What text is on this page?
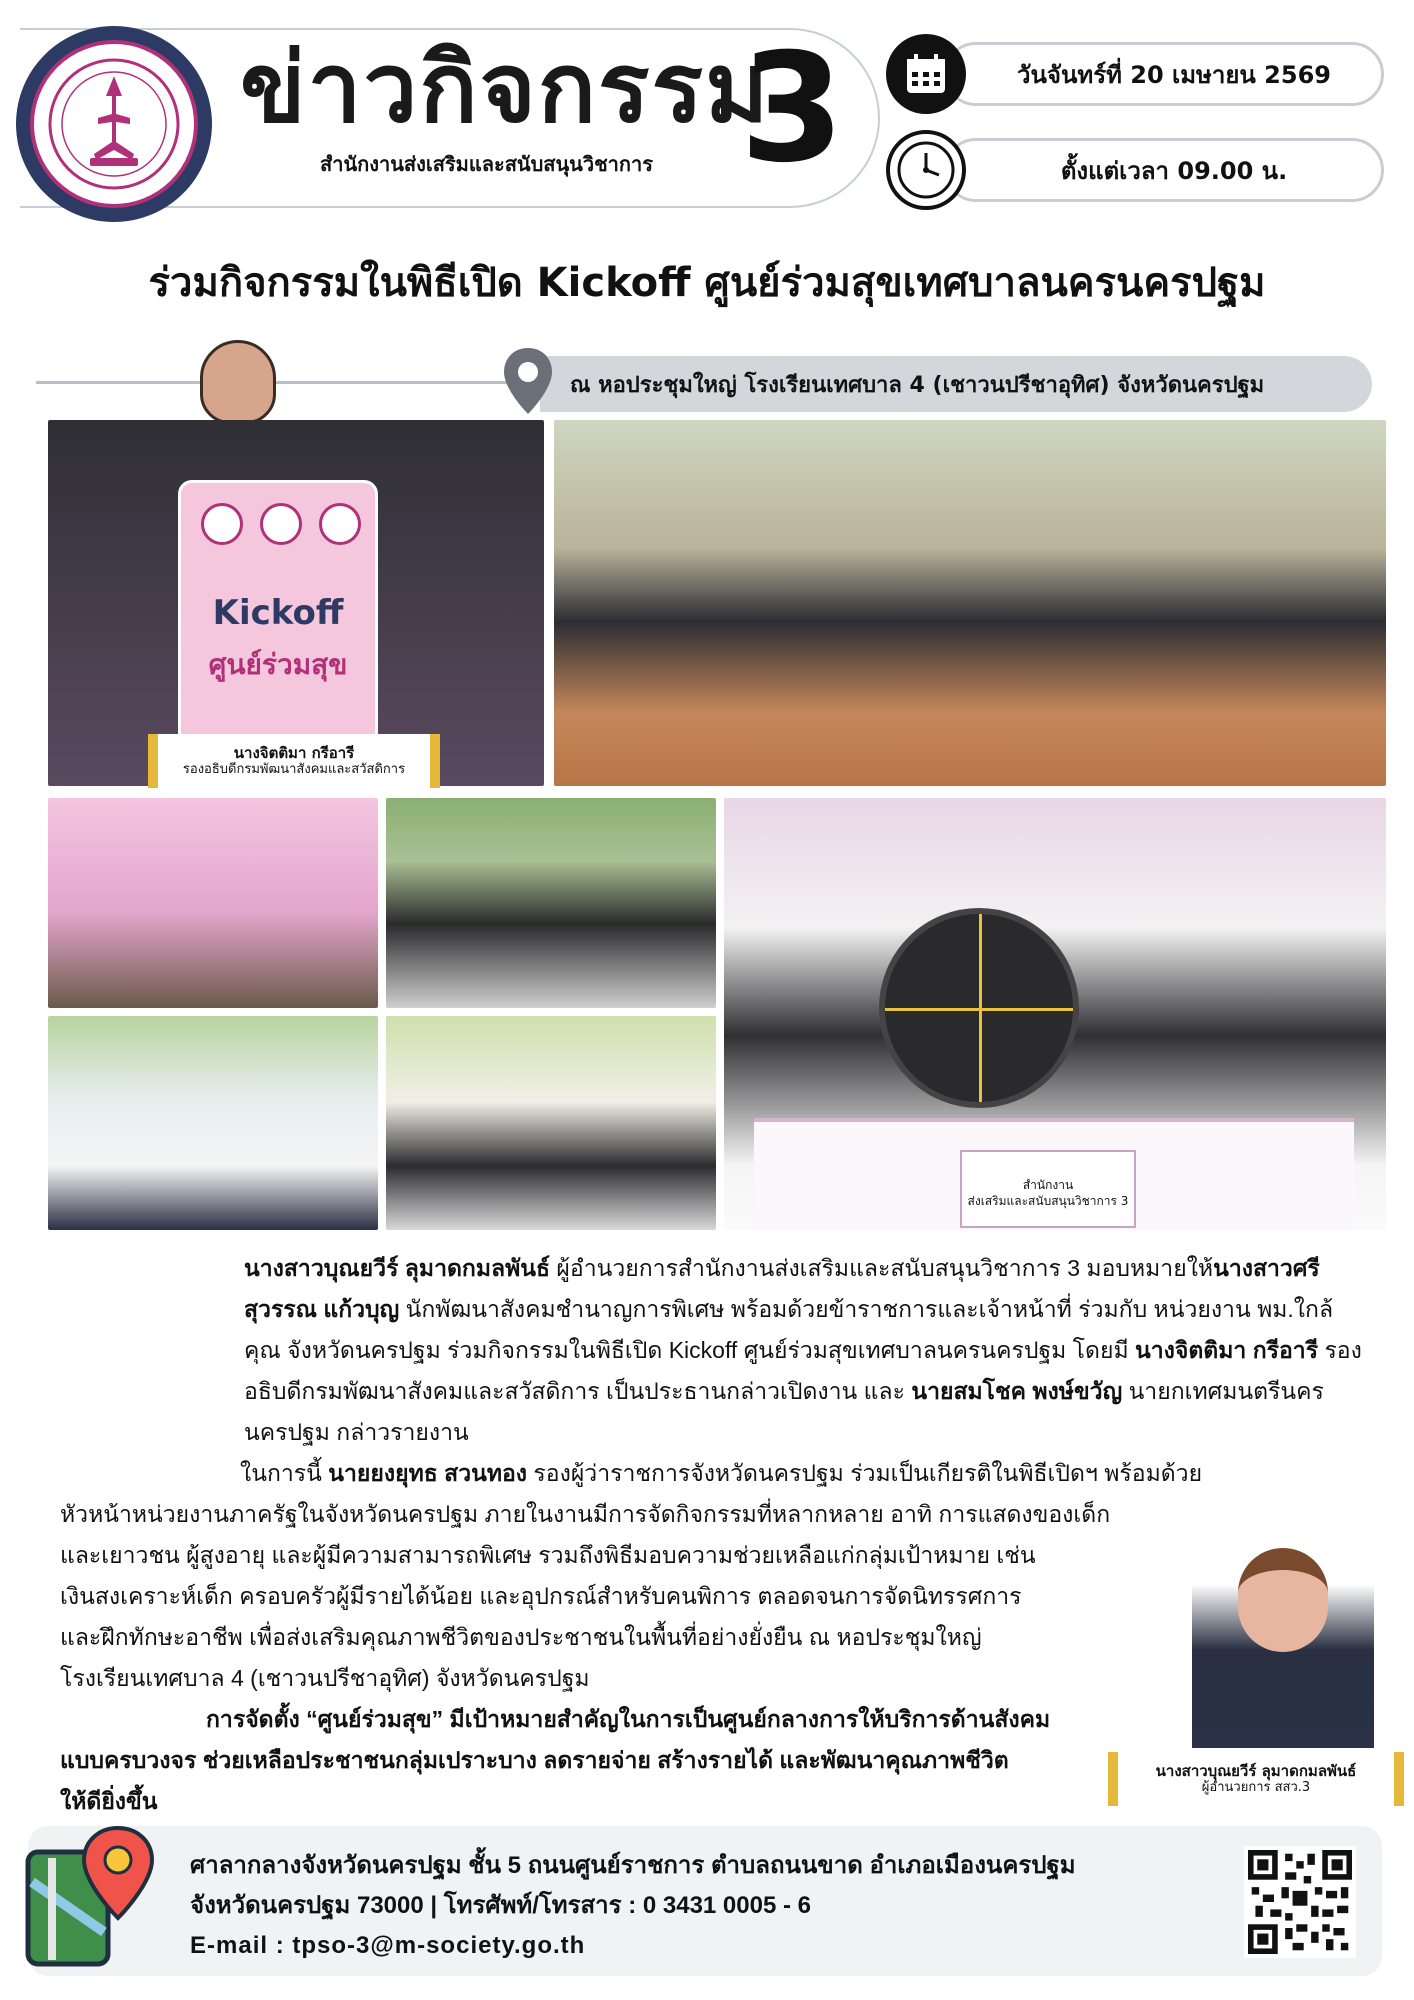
ข่าวกิจกรรม
3
สำนักงานส่งเสริมและสนับสนุนวิชาการ
วันจันทร์ที่ 20 เมษายน 2569
ตั้งแต่เวลา 09.00 น.
ร่วมกิจกรรมในพิธีเปิด Kickoff ศูนย์ร่วมสุขเทศบาลนครนครปฐม
ณ หอประชุมใหญ่ โรงเรียนเทศบาล 4 (เชาวนปรีชาอุทิศ) จังหวัดนครปฐม
Kickoff
ศูนย์ร่วมสุข
นางจิตติมา กรีอารี
รองอธิบดีกรมพัฒนาสังคมและสวัสดิการ
สำนักงาน
ส่งเสริมและสนับสนุนวิชาการ 3

นางสาวบุณยวีร์ ลุมาดกมลพันธ์ ผู้อำนวยการสำนักงานส่งเสริมและสนับสนุนวิชาการ 3 มอบหมายให้นางสาวศรีสุวรรณ แก้วบุญ นักพัฒนาสังคมชำนาญการพิเศษ พร้อมด้วยข้าราชการและเจ้าหน้าที่ ร่วมกับ หน่วยงาน พม.ใกล้คุณ จังหวัดนครปฐม ร่วมกิจกรรมในพิธีเปิด Kickoff ศูนย์ร่วมสุขเทศบาลนครนครปฐม โดยมี นางจิตติมา กรีอารี รองอธิบดีกรมพัฒนาสังคมและสวัสดิการ เป็นประธานกล่าวเปิดงาน และ นายสมโชค พงษ์ขวัญ นายกเทศมนตรีนครนครปฐม กล่าวรายงาน

ในการนี้ นายยงยุทธ สวนทอง รองผู้ว่าราชการจังหวัดนครปฐม ร่วมเป็นเกียรติในพิธีเปิดฯ พร้อมด้วย

หัวหน้าหน่วยงานภาครัฐในจังหวัดนครปฐม ภายในงานมีการจัดกิจกรรมที่หลากหลาย อาทิ การแสดงของเด็ก

และเยาวชน ผู้สูงอายุ และผู้มีความสามารถพิเศษ รวมถึงพิธีมอบความช่วยเหลือแก่กลุ่มเป้าหมาย เช่น

เงินสงเคราะห์เด็ก ครอบครัวผู้มีรายได้น้อย และอุปกรณ์สำหรับคนพิการ ตลอดจนการจัดนิทรรศการ

และฝึกทักษะอาชีพ เพื่อส่งเสริมคุณภาพชีวิตของประชาชนในพื้นที่อย่างยั่งยืน ณ หอประชุมใหญ่

โรงเรียนเทศบาล 4 (เชาวนปรีชาอุทิศ) จังหวัดนครปฐม

การจัดตั้ง “ศูนย์ร่วมสุข” มีเป้าหมายสำคัญในการเป็นศูนย์กลางการให้บริการด้านสังคม

แบบครบวงจร ช่วยเหลือประชาชนกลุ่มเปราะบาง ลดรายจ่าย สร้างรายได้ และพัฒนาคุณภาพชีวิต

ให้ดียิ่งขึ้น

นางสาวบุณยวีร์ ลุมาดกมลพันธ์
ผู้อำนวยการ สสว.3
ศาลากลางจังหวัดนครปฐม ชั้น 5 ถนนศูนย์ราชการ ตำบลถนนขาด อำเภอเมืองนครปฐม
จังหวัดนครปฐม 73000 | โทรศัพท์/โทรสาร : 0 3431 0005 - 6
E-mail : tpso-3@m-society.go.th
